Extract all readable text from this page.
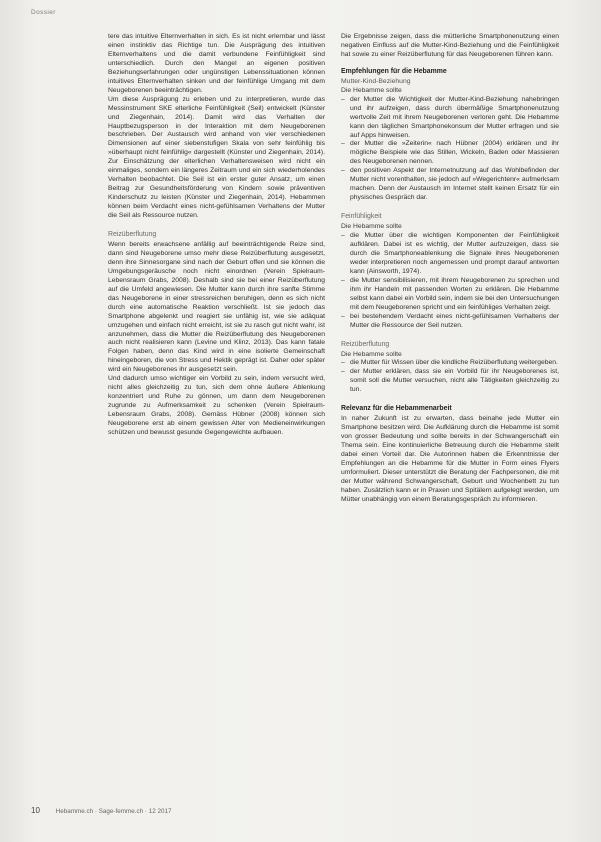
Dossier

tere das intuitive Elternverhalten in sich. Es ist nicht erlernbar und lässt einen instinktiv das Richtige tun. Die Ausprägung des intuitiven Elternverhaltens und die damit verbundene Feinfühligkeit sind unterschiedlich. Durch den Mangel an eigenen positiven Beziehungserfahrungen oder ungünstigen Lebenssituationen können intuitives Elternverhalten sinken und der feinfühlige Umgang mit dem Neugeborenen beeinträchtigen.

Um diese Ausprägung zu erleben und zu interpretieren, wurde das Messinstrument SKE elterliche Feinfühligkeit (Seil) entwickelt (Künster und Ziegenhain, 2014). Damit wird das Verhalten der Hauptbezugsperson in der Interaktion mit dem Neugeborenen beschrieben. Der Austausch wird anhand von vier verschiedenen Dimensionen auf einer siebenstufigen Skala von sehr feinfühlig bis »überhaupt nicht feinfühlig« dargestellt (Künster und Ziegenhain, 2014). Zur Einschätzung der elterlichen Verhaltensweisen wird nicht ein einmaliges, sondern ein längeres Zeitraum und ein sich wiederholendes Verhalten beobachtet. Die Seil ist ein erster guter Ansatz, um einen Beitrag zur Gesundheitsförderung von Kindern sowie präventiven Kinderschutz zu leisten (Künster und Ziegenhain, 2014). Hebammen können beim Verdacht eines nicht-gefühlsamen Verhaltens der Mutter die Seil als Ressource nutzen.

Reizüberflutung

Wenn bereits erwachsene anfällig auf beeinträchtigende Reize sind, dann sind Neugeborene umso mehr diese Reizüberflutung ausgesetzt, denn ihre Sinnesorgane sind nach der Geburt offen und sie können die Umgebungsgeräusche noch nicht einordnen (Verein Spielraum-Lebensraum Grabs, 2008). Deshalb sind sie bei einer Reizüberflutung auf die Umfeld angewiesen. Die Mutter kann durch ihre sanfte Stimme das Neugeborene in einer stressreichen beruhigen, denn es sich nicht durch eine automatische Reaktion verschließt. Ist sie jedoch das Smartphone abgelenkt und reagiert sie unfähig ist, wie sie adäquat umzugehen und einfach nicht erreicht, ist sie zu rasch gut nicht wahr, ist anzunehmen, dass die Mutter die Reizüberflutung des Neugeborenen auch nicht realisieren kann (Levine und Klinz, 2013). Das kann fatale Folgen haben, denn das Kind wird in eine isolierte Gemeinschaft hineingeboren, die von Stress und Hektik geprägt ist. Daher oder später wird ein Neugeborenes ihr ausgesetzt sein.

Und dadurch umso wichtiger ein Vorbild zu sein, indem versucht wird, nicht alles gleichzeitig zu tun, sich dem ohne äußere Ablenkung konzentriert und Ruhe zu gönnen, um dann dem Neugeborenen zugrunde zu Aufmerksamkeit zu schenken (Verein Spielraum-Lebensraum Grabs, 2008). Gemäss Hübner (2008) können sich Neugeborene erst ab einem gewissen Alter von Medieneinwirkungen schützen und bewusst gesunde Gegengewichte aufbauen.

Die Ergebnisse zeigen, dass die mütterliche Smartphonenutzung einen negativen Einfluss auf die Mutter-Kind-Beziehung und die Feinfühligkeit hat sowie zu einer Reizüberflutung für das Neugeborenen führen kann.

Empfehlungen für die Hebamme
Mutter-Kind-Beziehung
Die Hebamme sollte
– der Mutter die Wichtigkeit der Mutter-Kind-Beziehung nahebringen und ihr aufzeigen, dass durch übermäßige Smartphonenutzung wertvolle Zeit mit ihrem Neugeborenen verloren geht. Die Hebamme kann den täglichen Smartphonekonsum der Mutter erfragen und sie auf Apps hinweisen.
– der Mutter die »Zeiterin« nach Hübner (2004) erklären und ihr mögliche Beispiele wie das Stillen, Wickeln, Baden oder Massieren des Neugeborenen nennen.
– den positiven Aspekt der Internetnutzung auf das Wohlbefinden der Mutter nicht vorenthalten, sie jedoch auf »Wegerichtenr« aufmerksam machen. Denn der Austausch im Internet stellt keinen Ersatz für ein physisches Gespräch dar.
Feinfühligkeit
Die Hebamme sollte
– die Mutter über die wichtigen Komponenten der Feinfühligkeit aufklären. Dabei ist es wichtig, der Mutter aufzuzeigen, dass sie durch die Smartphoneablenkung die Signale ihres Neugeborenen weder interpretieren noch angemessen und prompt darauf antworten kann (Ainsworth, 1974).
– die Mutter sensibilisieren, mit ihrem Neugeborenen zu sprechen und ihm ihr Handeln mit passenden Worten zu erklären. Die Hebamme selbst kann dabei ein Vorbild sein, indem sie bei den Untersuchungen mit dem Neugeborenen spricht und ein feinfühliges Verhalten zeigt.
– bei bestehendem Verdacht eines nicht-gefühlsamen Verhaltens der Mutter die Ressource der Seil nutzen.
Reizüberflutung
Die Hebamme sollte
– die Mutter für Wissen über die kindliche Reizüberflutung weitergeben.
– der Mutter erklären, dass sie ein Vorbild für ihr Neugeborenes ist, somit soll die Mutter versuchen, nicht alle Tätigkeiten gleichzeitig zu tun.
Relevanz für die Hebammenarbeit

In naher Zukunft ist zu erwarten, dass beinahe jede Mutter ein Smartphone besitzen wird. Die Aufklärung durch die Hebamme ist somit von grosser Bedeutung und sollte bereits in der Schwangerschaft ein Thema sein. Eine kontinuierliche Betreuung durch die Hebamme stellt dabei einen Vorteil dar. Die Autorinnen haben die Erkenntnisse der Empfehlungen an die Hebamme für die Mutter in Form eines Flyers umformuliert. Dieser unterstützt die Beratung der Fachpersonen, die mit der Mutter während Schwangerschaft, Geburt und Wochenbett zu tun haben. Zusätzlich kann er in Praxen und Spitälern aufgelegt werden, um Mütter unabhängig von einem Beratungsgespräch zu informieren.

10	Hebamme.ch · Sage-femme.ch · 12 2017
